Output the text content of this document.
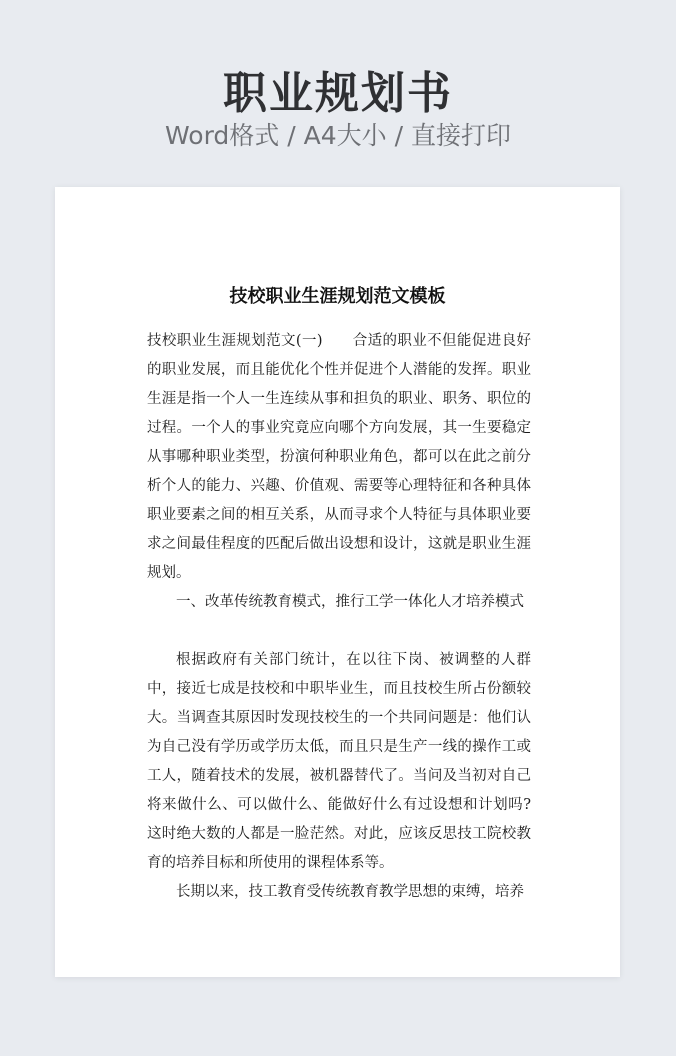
职业规划书
Word格式 / A4大小 / 直接打印
技校职业生涯规划范文模板

技校职业生涯规划范文(一)　　合适的职业不但能促进良好的职业发展，而且能优化个性并促进个人潜能的发挥。职业生涯是指一个人一生连续从事和担负的职业、职务、职位的过程。一个人的事业究竟应向哪个方向发展，其一生要稳定从事哪种职业类型，扮演何种职业角色，都可以在此之前分析个人的能力、兴趣、价值观、需要等心理特征和各种具体职业要素之间的相互关系，从而寻求个人特征与具体职业要求之间最佳程度的匹配后做出设想和设计，这就是职业生涯规划。

一、改革传统教育模式，推行工学一体化人才培养模式

根据政府有关部门统计，在以往下岗、被调整的人群中，接近七成是技校和中职毕业生，而且技校生所占份额较大。当调查其原因时发现技校生的一个共同问题是：他们认为自己没有学历或学历太低，而且只是生产一线的操作工或工人，随着技术的发展，被机器替代了。当问及当初对自己将来做什么、可以做什么、能做好什么有过设想和计划吗?这时绝大数的人都是一脸茫然。对此，应该反思技工院校教育的培养目标和所使用的课程体系等。

长期以来，技工教育受传统教育教学思想的束缚，培养
